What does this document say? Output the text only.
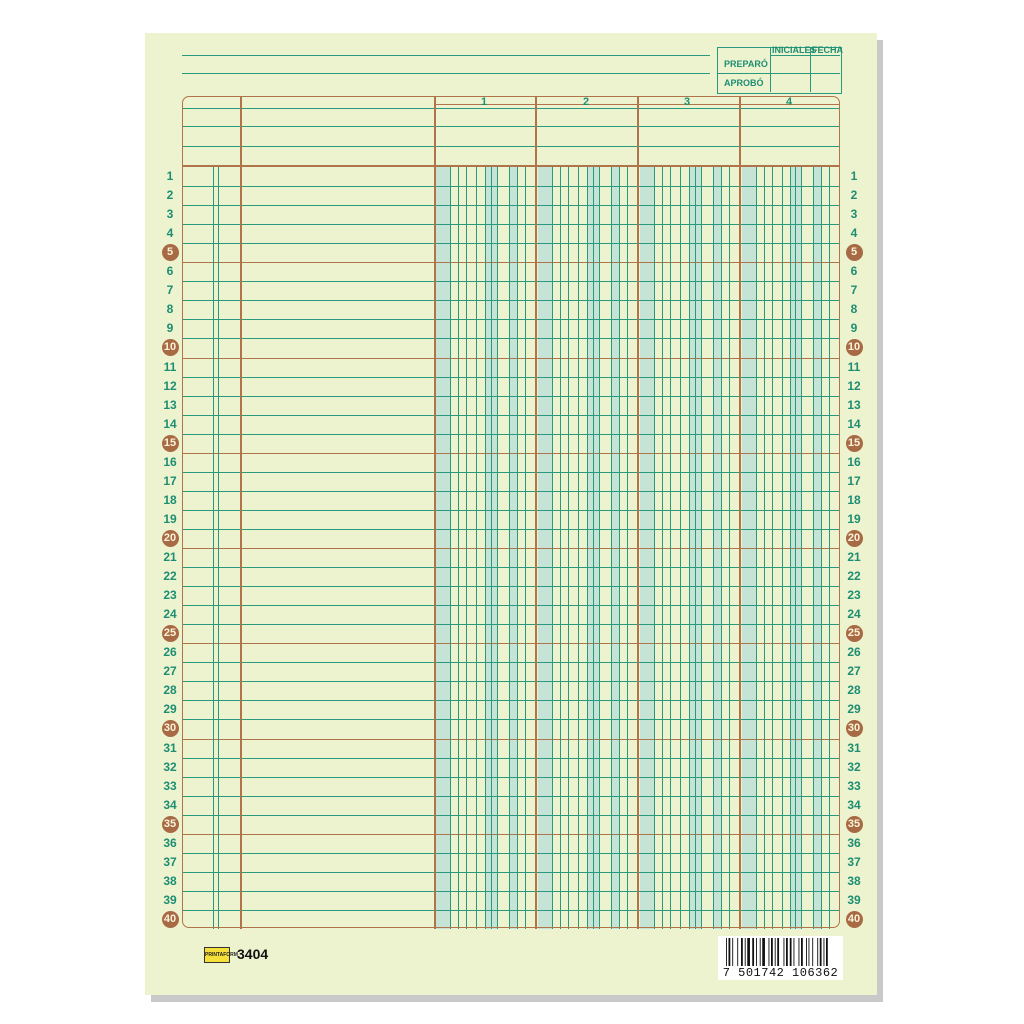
INICIALES
FECHA
PREPARÓ
APROBÓ
1	2	3	4
1
2
3
4
5
6
7
8
9
10
11
12
13
14
15
16
17
18
19
20
21
22
23
24
25
26
27
28
29
30
31
32
33
34
35
36
37
38
39
40
1
2
3
4
5
6
7
8
9
10
11
12
13
14
15
16
17
18
19
20
21
22
23
24
25
26
27
28
29
30
31
32
33
34
35
36
37
38
39
40
PRINTAFORM 3404
7 501742 106362
